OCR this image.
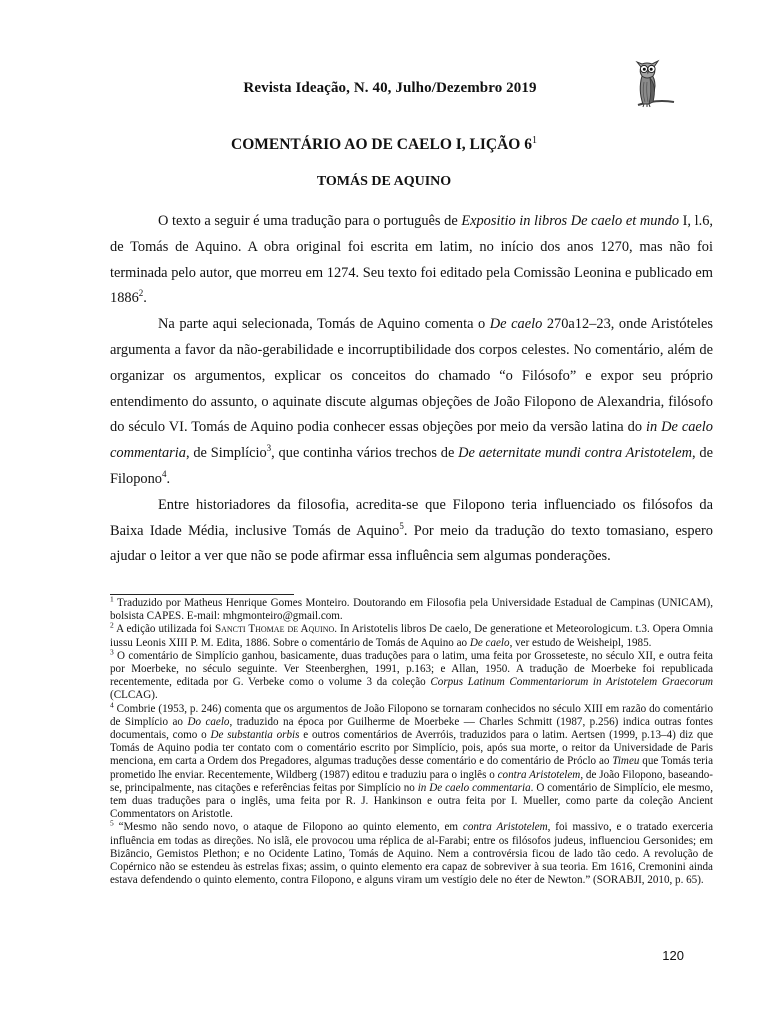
Revista Ideação, N. 40, Julho/Dezembro 2019
COMENTÁRIO AO DE CAELO I, LIÇÃO $6^1$
TOMÁS DE AQUINO

O texto a seguir é uma tradução para o português de Expositio in libros De caelo et mundo I, l.6, de Tomás de Aquino. A obra original foi escrita em latim, no início dos anos 1270, mas não foi terminada pelo autor, que morreu em 1274. Seu texto foi editado pela Comissão Leonina e publicado em 1886$^2$.

Na parte aqui selecionada, Tomás de Aquino comenta o De caelo 270a12–23, onde Aristóteles argumenta a favor da não-gerabilidade e incorruptibilidade dos corpos celestes. No comentário, além de organizar os argumentos, explicar os conceitos do chamado “o Filósofo” e expor seu próprio entendimento do assunto, o aquinate discute algumas objeções de João Filopono de Alexandria, filósofo do século VI. Tomás de Aquino podia conhecer essas objeções por meio da versão latina do in De caelo commentaria, de Simplício$^3$, que continha vários trechos de De aeternitate mundi contra Aristotelem, de Filopono$^4$.

Entre historiadores da filosofia, acredita-se que Filopono teria influenciado os filósofos da Baixa Idade Média, inclusive Tomás de Aquino$^5$. Por meio da tradução do texto tomasiano, espero ajudar o leitor a ver que não se pode afirmar essa influência sem algumas ponderações.

$^1$ Traduzido por Matheus Henrique Gomes Monteiro. Doutorando em Filosofia pela Universidade Estadual de Campinas (UNICAM), bolsista CAPES. E-mail: mhgmonteiro@gmail.com.

$^2$ A edição utilizada foi Sancti Thomae de Aquino. In Aristotelis libros De caelo, De generatione et Meteorologicum. t.3. Opera Omnia iussu Leonis XIII P. M. Edita, 1886. Sobre o comentário de Tomás de Aquino ao De caelo, ver estudo de Weisheipl, 1985.

$^3$ O comentário de Simplício ganhou, basicamente, duas traduções para o latim, uma feita por Grosseteste, no século XII, e outra feita por Moerbeke, no século seguinte. Ver Steenberghen, 1991, p.163; e Allan, 1950. A tradução de Moerbeke foi republicada recentemente, editada por G. Verbeke como o volume 3 da coleção Corpus Latinum Commentariorum in Aristotelem Graecorum (CLCAG).

$^4$ Combrie (1953, p. 246) comenta que os argumentos de João Filopono se tornaram conhecidos no século XIII em razão do comentário de Simplício ao Do caelo, traduzido na época por Guilherme de Moerbeke — Charles Schmitt (1987, p.256) indica outras fontes documentais, como o De substantia orbis e outros comentários de Averróis, traduzidos para o latim. Aertsen (1999, p.13–4) diz que Tomás de Aquino podia ter contato com o comentário escrito por Simplício, pois, após sua morte, o reitor da Universidade de Paris menciona, em carta a Ordem dos Pregadores, algumas traduções desse comentário e do comentário de Próclo ao Timeu que Tomás teria prometido lhe enviar. Recentemente, Wildberg (1987) editou e traduziu para o inglês o contra Aristotelem, de João Filopono, baseando-se, principalmente, nas citações e referências feitas por Simplício no in De caelo commentaria. O comentário de Simplício, ele mesmo, tem duas traduções para o inglês, uma feita por R. J. Hankinson e outra feita por I. Mueller, como parte da coleção Ancient Commentators on Aristotle.

$^5$ “Mesmo não sendo novo, o ataque de Filopono ao quinto elemento, em contra Aristotelem, foi massivo, e o tratado exerceria influência em todas as direções. No islã, ele provocou uma réplica de al-Farabi; entre os filósofos judeus, influenciou Gersonides; em Bizâncio, Gemistos Plethon; e no Ocidente Latino, Tomás de Aquino. Nem a controvérsia ficou de lado tão cedo. A revolução de Copérnico não se estendeu às estrelas fixas; assim, o quinto elemento era capaz de sobreviver à sua teoria. Em 1616, Cremonini ainda estava defendendo o quinto elemento, contra Filopono, e alguns viram um vestígio dele no éter de Newton.” (SORABJI, 2010, p. 65).

120
